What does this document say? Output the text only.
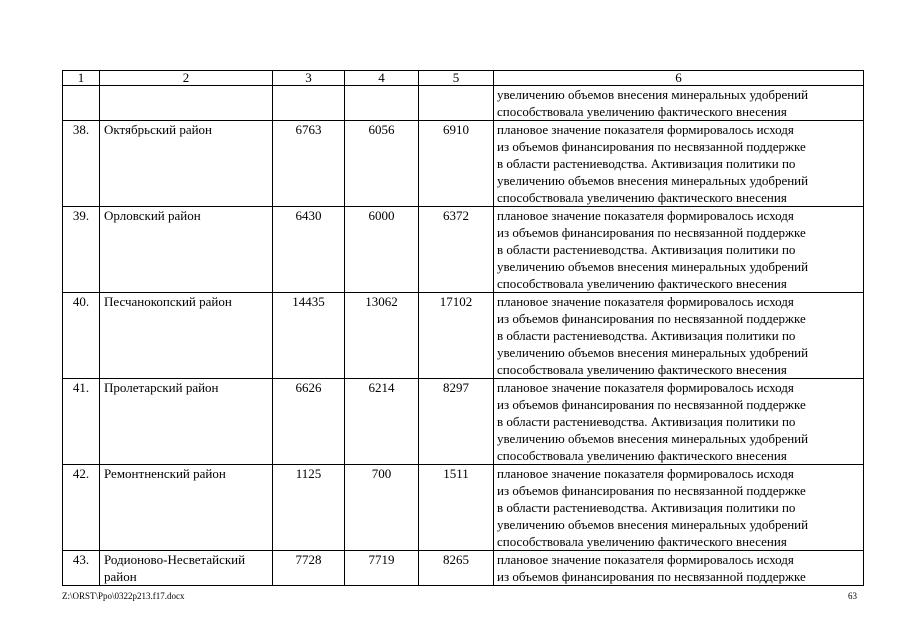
1	2	3	4	5	6

					увеличению объемов внесения минеральных удобрений
способствовала увеличению фактического внесения

38.	Октябрьский район	6763	6056	6910	плановое значение показателя формировалось исходя
из объемов финансирования по несвязанной поддержке
в области растениеводства. Активизация политики по
увеличению объемов внесения минеральных удобрений
способствовала увеличению фактического внесения

39.	Орловский район	6430	6000	6372	плановое значение показателя формировалось исходя
из объемов финансирования по несвязанной поддержке
в области растениеводства. Активизация политики по
увеличению объемов внесения минеральных удобрений
способствовала увеличению фактического внесения

40.	Песчанокопский район	14435	13062	17102	плановое значение показателя формировалось исходя
из объемов финансирования по несвязанной поддержке
в области растениеводства. Активизация политики по
увеличению объемов внесения минеральных удобрений
способствовала увеличению фактического внесения

41.	Пролетарский район	6626	6214	8297	плановое значение показателя формировалось исходя
из объемов финансирования по несвязанной поддержке
в области растениеводства. Активизация политики по
увеличению объемов внесения минеральных удобрений
способствовала увеличению фактического внесения

42.	Ремонтненский район	1125	700	1511	плановое значение показателя формировалось исходя
из объемов финансирования по несвязанной поддержке
в области растениеводства. Активизация политики по
увеличению объемов внесения минеральных удобрений
способствовала увеличению фактического внесения

43.	Родионово-Несветайский район	7728	7719	8265	плановое значение показателя формировалось исходя
из объемов финансирования по несвязанной поддержке
Z:\ORST\Ppo\0322p213.f17.docx	63
